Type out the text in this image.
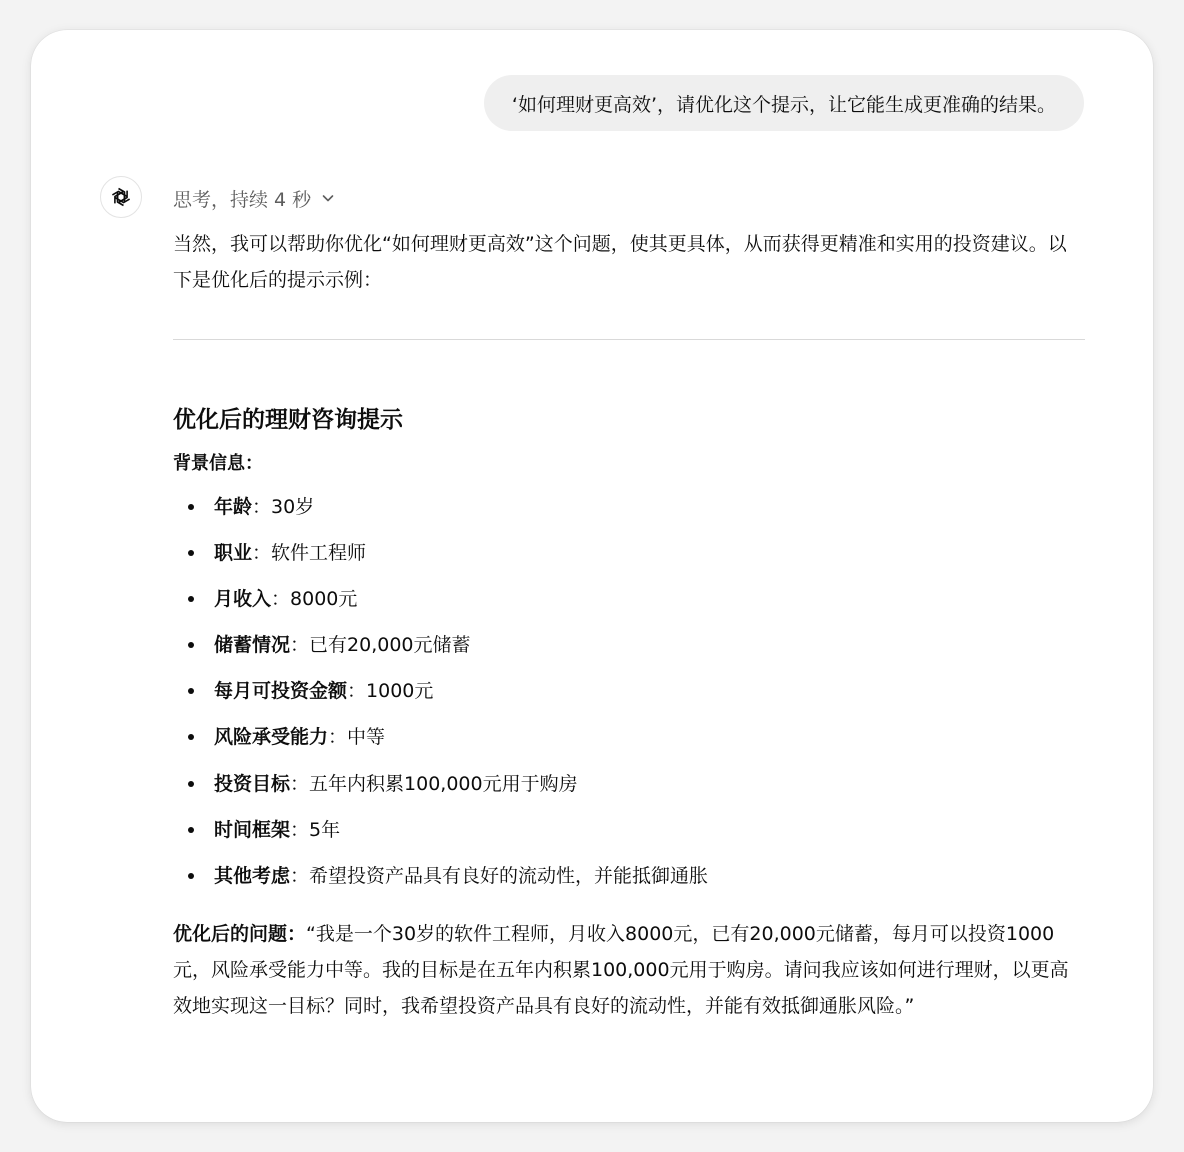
‘如何理财更高效’，请优化这个提示，让它能生成更准确的结果。
思考，持续 4 秒

当然，我可以帮助你优化“如何理财更高效”这个问题，使其更具体，从而获得更精准和实用的投资建议。以下是优化后的提示示例：

优化后的理财咨询提示
背景信息：
年龄：30岁
职业：软件工程师
月收入：8000元
储蓄情况：已有20,000元储蓄
每月可投资金额：1000元
风险承受能力：中等
投资目标：五年内积累100,000元用于购房
时间框架：5年
其他考虑：希望投资产品具有良好的流动性，并能抵御通胀
优化后的问题：“我是一个30岁的软件工程师，月收入8000元，已有20,000元储蓄，每月可以投资1000元，风险承受能力中等。我的目标是在五年内积累100,000元用于购房。请问我应该如何进行理财，以更高效地实现这一目标？同时，我希望投资产品具有良好的流动性，并能有效抵御通胀风险。”
